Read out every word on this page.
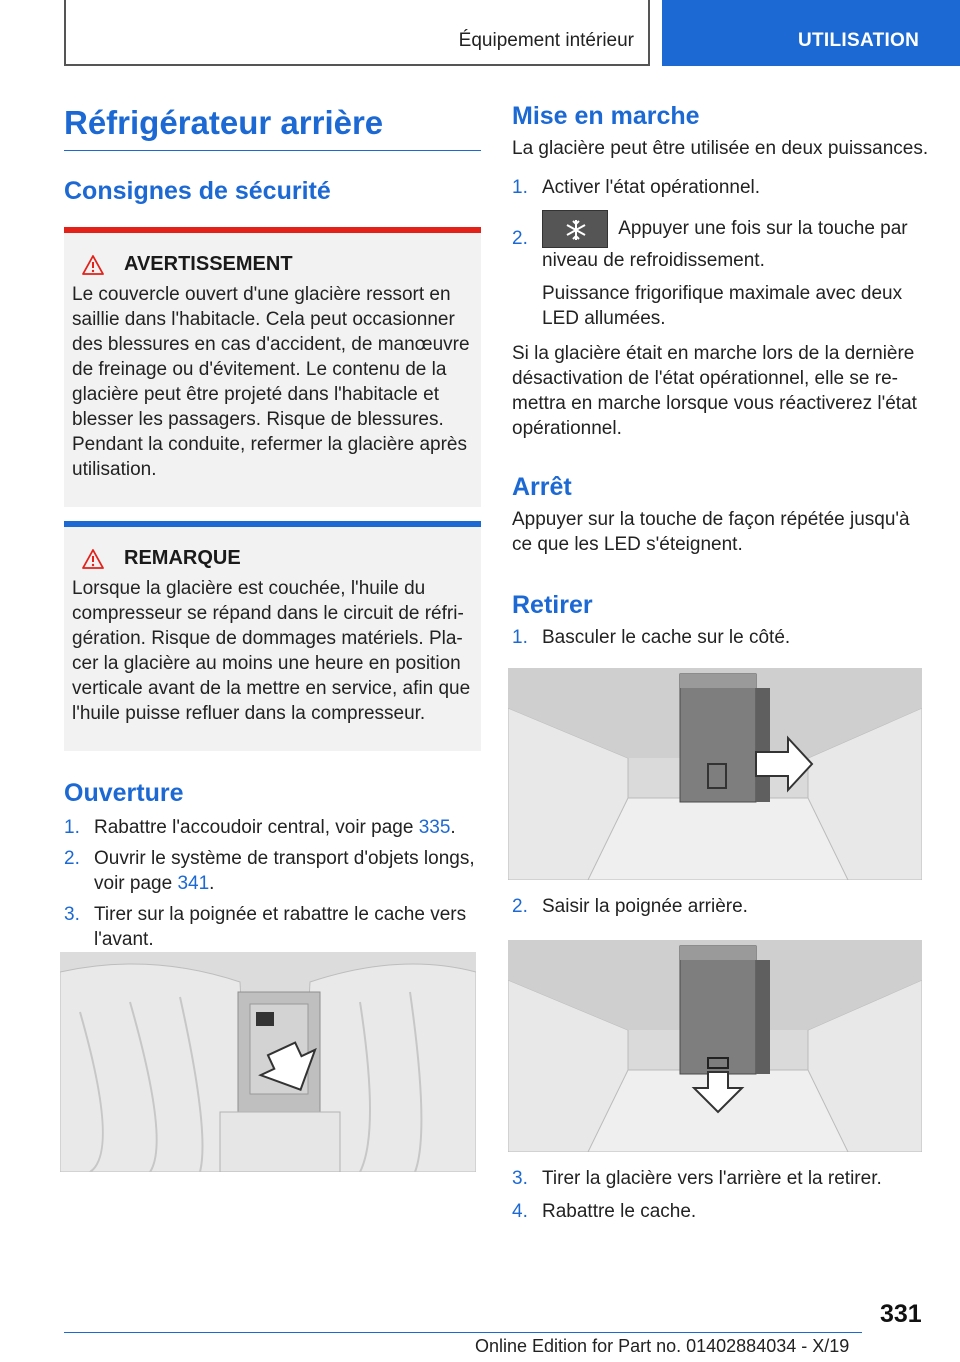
Équipement intérieur	UTILISATION
Réfrigérateur arrière
Consignes de sécurité
AVERTISSEMENT

Le couvercle ouvert d'une glacière ressort en saillie dans l'habitacle. Cela peut occasionner des blessures en cas d'accident, de manœuvre de freinage ou d'évitement. Le contenu de la glacière peut être projeté dans l'habitacle et blesser les passagers. Risque de blessures. Pendant la conduite, refermer la glacière après utilisation.

REMARQUE

Lorsque la glacière est couchée, l'huile du compresseur se répand dans le circuit de réfrigération. Risque de dommages matériels. Placer la glacière au moins une heure en position verticale avant de la mettre en service, afin que l'huile puisse refluer dans la compresseur.

Ouverture
1. Rabattre l'accoudoir central, voir page 335.
2. Ouvrir le système de transport d'objets longs, voir page 341.
3. Tirer sur la poignée et rabattre le cache vers l'avant.
Mise en marche

La glacière peut être utilisée en deux puissances.

1. Activer l'état opérationnel.
2.	Appuyer une fois sur la touche par niveau de refroidissement.

Puissance frigorifique maximale avec deux LED allumées.

Si la glacière était en marche lors de la dernière désactivation de l'état opérationnel, elle se remettra en marche lorsque vous réactiverez l'état opérationnel.

Arrêt

Appuyer sur la touche de façon répétée jusqu'à ce que les LED s'éteignent.

Retirer
1. Basculer le cache sur le côté.
2. Saisir la poignée arrière.
3. Tirer la glacière vers l'arrière et la retirer.
4. Rabattre le cache.
331
Online Edition for Part no. 01402884034 - X/19
